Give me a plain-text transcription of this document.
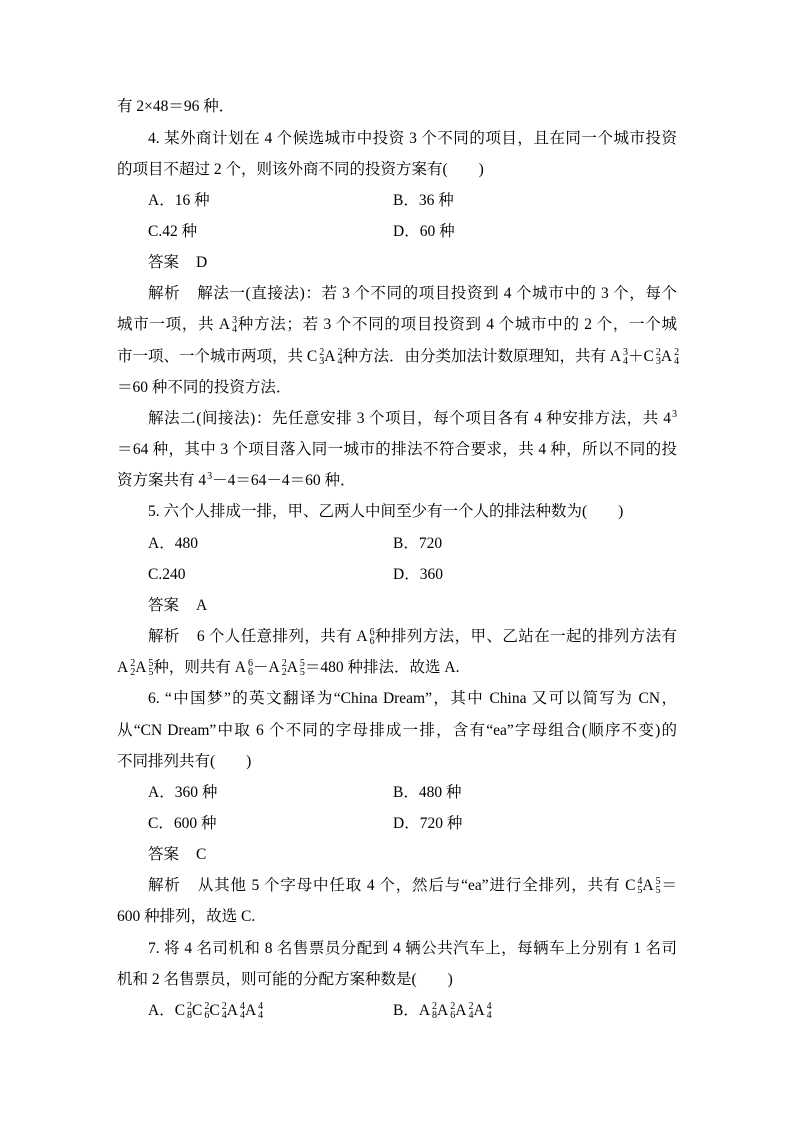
有 2×48＝96 种．
4. 某外商计划在 4 个候选城市中投资 3 个不同的项目，且在同一个城市投资
的项目不超过 2 个，则该外商不同的投资方案有(　　)
A．16 种	B．36 种
C.42 种	D．60 种
答案 D
解析 解法一(直接法)：若 3 个不同的项目投资到 4 个城市中的 3 个，每个
城市一项，共 A 3
4 种方法；若 3 个不同的项目投资到 4 个城市中的 2 个，一个城
市一项、一个城市两项，共 C 2
3 A 2
4 种方法．由分类加法计数原理知，共有 A 3
4 ＋C 2
3 A 2
4
＝60 种不同的投资方法．
解法二(间接法)：先任意安排 3 个项目，每个项目各有 4 种安排方法，共 $4^3$
＝64 种，其中 3 个项目落入同一城市的排法不符合要求，共 4 种，所以不同的投
资方案共有 $4^3-4=64-4=60$ 种．
5. 六个人排成一排，甲、乙两人中间至少有一个人的排法种数为(　　)
A．480	B．720
C.240	D．360
答案 A
解析 6 个人任意排列，共有 A 6
6 种排列方法，甲、乙站在一起的排列方法有
A 2
2 A 5
5 种，则共有 A 6
6 －A 2
2 A 5
5 ＝480 种排法．故选 A.
6. “中国梦”的英文翻译为“China Dream”，其中 China 又可以简写为 CN，
从“CN Dream”中取 6 个不同的字母排成一排，含有“ea”字母组合(顺序不变)的
不同排列共有(　　)
A．360 种	B．480 种
C．600 种	D．720 种
答案 C
解析 从其他 5 个字母中任取 4 个，然后与“ea”进行全排列，共有 C 4
5 A 5
5 ＝
600 种排列，故选 C.
7. 将 4 名司机和 8 名售票员分配到 4 辆公共汽车上，每辆车上分别有 1 名司
机和 2 名售票员，则可能的分配方案种数是(　　)
A．C 2
8 C 2
6 C 2
4 A 4
4 A 4
4	B．A 2
8 A 2
6 A 2
4 A 4
4
